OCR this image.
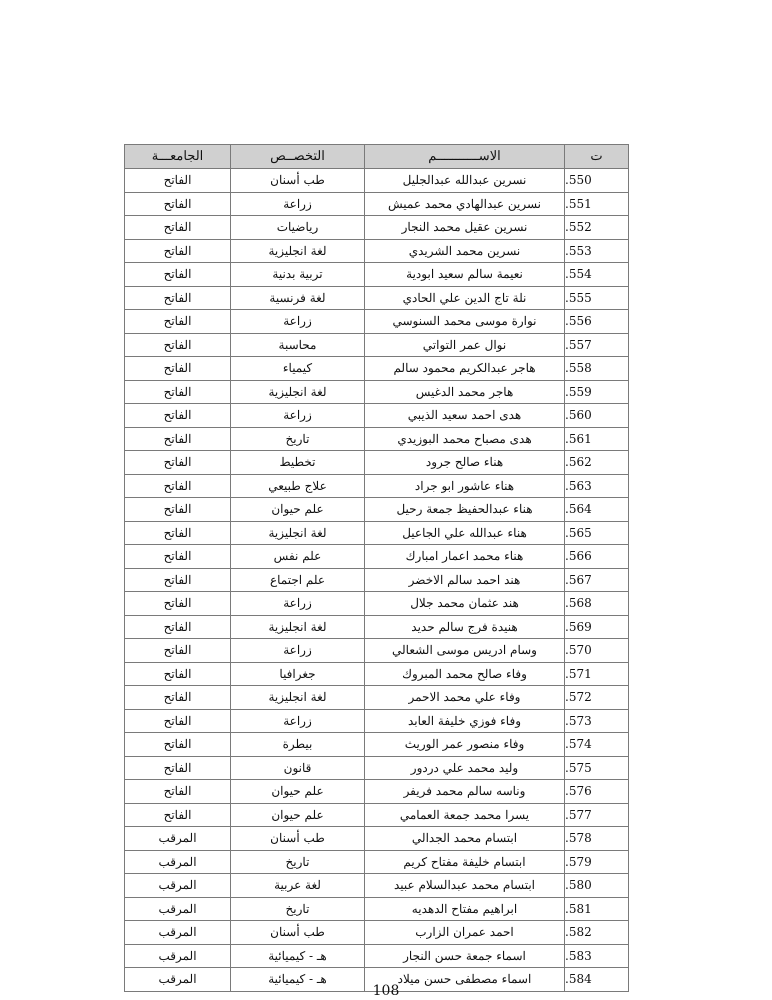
ت	الاســـــــــــم	التخصــص	الجامعـــة
.550	نسرين عبدالله عبدالجليل	طب أسنان	الفاتح
.551	نسرين عبدالهادي محمد عميش	زراعة	الفاتح
.552	نسرين عقيل محمد النجار	رياضيات	الفاتح
.553	نسرين محمد الشريدي	لغة انجليزية	الفاتح
.554	نعيمة سالم سعيد ابودية	تربية بدنية	الفاتح
.555	نلة تاج الدين علي الحادي	لغة فرنسية	الفاتح
.556	نوارة موسى محمد السنوسي	زراعة	الفاتح
.557	نوال عمر التواتي	محاسبة	الفاتح
.558	هاجر عبدالكريم محمود سالم	كيمياء	الفاتح
.559	هاجر محمد الدغيس	لغة انجليزية	الفاتح
.560	هدى احمد سعيد الذيبي	زراعة	الفاتح
.561	هدى مصباح محمد البوزيدي	تاريخ	الفاتح
.562	هناء صالح جرود	تخطيط	الفاتح
.563	هناء عاشور ابو جراد	علاج طبيعي	الفاتح
.564	هناء عبدالحفيظ جمعة رحيل	علم حيوان	الفاتح
.565	هناء عبدالله علي الجاعيل	لغة انجليزية	الفاتح
.566	هناء محمد اعمار امبارك	علم نفس	الفاتح
.567	هند احمد سالم الاخضر	علم اجتماع	الفاتح
.568	هند عثمان محمد جلال	زراعة	الفاتح
.569	هنيدة فرج سالم حديد	لغة انجليزية	الفاتح
.570	وسام ادريس موسى الشعالي	زراعة	الفاتح
.571	وفاء صالح محمد المبروك	جغرافيا	الفاتح
.572	وفاء علي محمد الاحمر	لغة انجليزية	الفاتح
.573	وفاء فوزي خليفة العابد	زراعة	الفاتح
.574	وفاء منصور عمر الوريث	بيطرة	الفاتح
.575	وليد محمد علي دردور	قانون	الفاتح
.576	وناسه سالم محمد فريفر	علم حيوان	الفاتح
.577	يسرا محمد جمعة العمامي	علم حيوان	الفاتح
.578	ابتسام محمد الجدالي	طب أسنان	المرقب
.579	ابتسام خليفة مفتاح كريم	تاريخ	المرقب
.580	ابتسام محمد عبدالسلام عبيد	لغة عربية	المرقب
.581	ابراهيم مفتاح الدهديه	تاريخ	المرقب
.582	احمد عمران الزارب	طب أسنان	المرقب
.583	اسماء جمعة حسن النجار	هـ - كيميائية	المرقب
.584	اسماء مصطفى حسن ميلاد	هـ - كيميائية	المرقب
108
